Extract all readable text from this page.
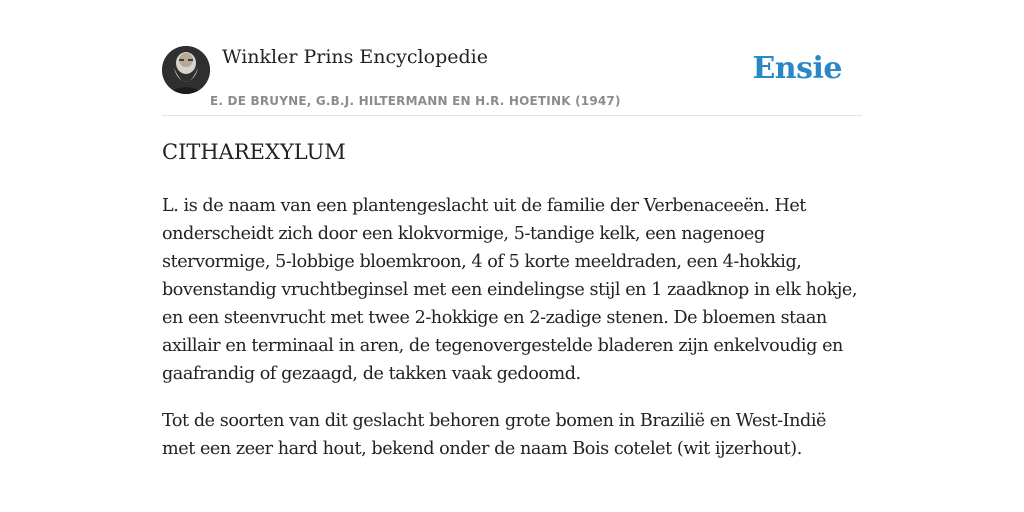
Winkler Prins Encyclopedie
E. DE BRUYNE, G.B.J. HILTERMANN EN H.R. HOETINK (1947)
Ensie
CITHAREXYLUM

L. is de naam van een plantengeslacht uit de familie der Verbenaceeën. Het onderscheidt zich door een klokvormige, 5-tandige kelk, een nagenoeg stervormige, 5-lobbige bloemkroon, 4 of 5 korte meeldraden, een 4-hokkig, bovenstandig vruchtbeginsel met een eindelingse stijl en 1 zaadknop in elk hokje, en een steenvrucht met twee 2-hokkige en 2-zadige stenen. De bloemen staan axillair en terminaal in aren, de tegenovergestelde bladeren zijn enkelvoudig en gaafrandig of gezaagd, de takken vaak gedoomd.

Tot de soorten van dit geslacht behoren grote bomen in Brazilië en West-Indië met een zeer hard hout, bekend onder de naam Bois cotelet (wit ijzerhout).
